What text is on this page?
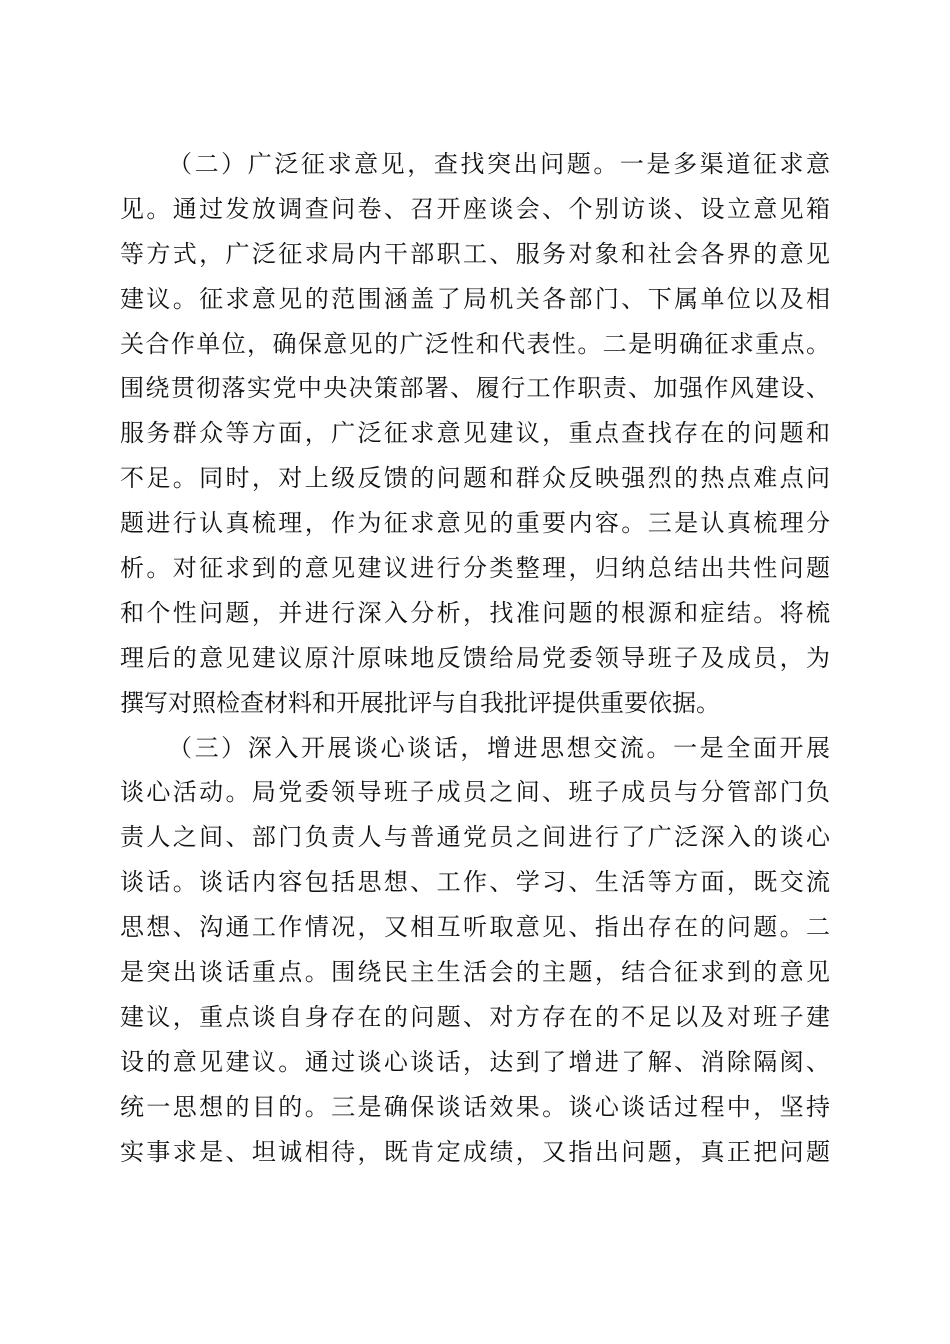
（二）广泛征求意见，查找突出问题。一是多渠道征求意
见。通过发放调查问卷、召开座谈会、个别访谈、设立意见箱
等方式，广泛征求局内干部职工、服务对象和社会各界的意见
建议。征求意见的范围涵盖了局机关各部门、下属单位以及相
关合作单位，确保意见的广泛性和代表性。二是明确征求重点。
围绕贯彻落实党中央决策部署、履行工作职责、加强作风建设、
服务群众等方面，广泛征求意见建议，重点查找存在的问题和
不足。同时，对上级反馈的问题和群众反映强烈的热点难点问
题进行认真梳理，作为征求意见的重要内容。三是认真梳理分
析。对征求到的意见建议进行分类整理，归纳总结出共性问题
和个性问题，并进行深入分析，找准问题的根源和症结。将梳
理后的意见建议原汁原味地反馈给局党委领导班子及成员，为
撰写对照检查材料和开展批评与自我批评提供重要依据。
（三）深入开展谈心谈话，增进思想交流。一是全面开展
谈心活动。局党委领导班子成员之间、班子成员与分管部门负
责人之间、部门负责人与普通党员之间进行了广泛深入的谈心
谈话。谈话内容包括思想、工作、学习、生活等方面，既交流
思想、沟通工作情况，又相互听取意见、指出存在的问题。二
是突出谈话重点。围绕民主生活会的主题，结合征求到的意见
建议，重点谈自身存在的问题、对方存在的不足以及对班子建
设的意见建议。通过谈心谈话，达到了增进了解、消除隔阂、
统一思想的目的。三是确保谈话效果。谈心谈话过程中，坚持
实事求是、坦诚相待，既肯定成绩，又指出问题，真正把问题
